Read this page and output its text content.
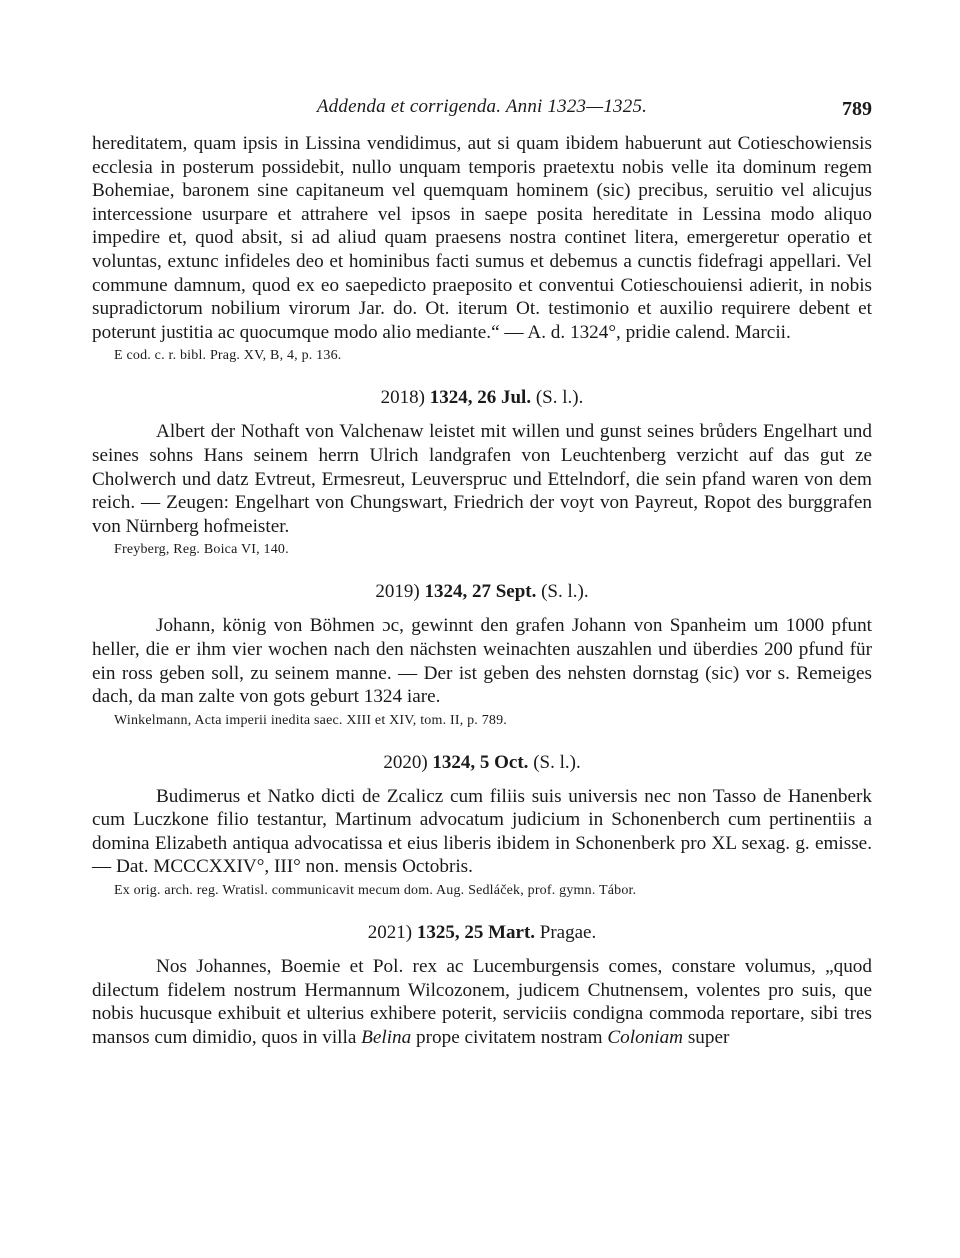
Addenda et corrigenda. Anni 1323—1325.	789

hereditatem, quam ipsis in Lissina vendidimus, aut si quam ibidem habuerunt aut Cotieschowiensis ecclesia in posterum possidebit, nullo unquam temporis praetextu nobis velle ita dominum regem Bohemiae, baronem sine capitaneum vel quemquam hominem (sic) precibus, seruitio vel alicujus intercessione usurpare et attrahere vel ipsos in saepe posita hereditate in Lessina modo aliquo impedire et, quod absit, si ad aliud quam praesens nostra continet litera, emergeretur operatio et voluntas, extunc infideles deo et hominibus facti sumus et debemus a cunctis fidefragi appellari. Vel commune damnum, quod ex eo saepedicto praeposito et conventui Cotieschouiensi adierit, in nobis supradictorum nobilium virorum Jar. do. Ot. iterum Ot. testimonio et auxilio requirere debent et poterunt justitia ac quocumque modo alio mediante.“ — A. d. 1324°, pridie calend. Marcii.

E cod. c. r. bibl. Prag. XV, B, 4, p. 136.

2018) 1324, 26 Jul. (S. l.).

Albert der Nothaft von Valchenaw leistet mit willen und gunst seines brůders Engelhart und seines sohns Hans seinem herrn Ulrich landgrafen von Leuchtenberg verzicht auf das gut ze Cholwerch und datz Evtreut, Ermesreut, Leuverspruc und Ettelndorf, die sein pfand waren von dem reich. — Zeugen: Engelhart von Chungswart, Friedrich der voyt von Payreut, Ropot des burggrafen von Nürnberg hofmeister.

Freyberg, Reg. Boica VI, 140.

2019) 1324, 27 Sept. (S. l.).

Johann, könig von Böhmen ɔc, gewinnt den grafen Johann von Spanheim um 1000 pfunt heller, die er ihm vier wochen nach den nächsten weinachten auszahlen und überdies 200 pfund für ein ross geben soll, zu seinem manne. — Der ist geben des nehsten dornstag (sic) vor s. Remeiges dach, da man zalte von gots geburt 1324 iare.

Winkelmann, Acta imperii inedita saec. XIII et XIV, tom. II, p. 789.

2020) 1324, 5 Oct. (S. l.).

Budimerus et Natko dicti de Zcalicz cum filiis suis universis nec non Tasso de Hanenberk cum Luczkone filio testantur, Martinum advocatum judicium in Schonenberch cum pertinentiis a domina Elizabeth antiqua advocatissa et eius liberis ibidem in Schonenberk pro XL sexag. g. emisse. — Dat. MCCCXXIV°, III° non. mensis Octobris.

Ex orig. arch. reg. Wratisl. communicavit mecum dom. Aug. Sedláček, prof. gymn. Tábor.

2021) 1325, 25 Mart. Pragae.

Nos Johannes, Boemie et Pol. rex ac Lucemburgensis comes, constare volumus, „quod dilectum fidelem nostrum Hermannum Wilcozonem, judicem Chutnensem, volentes pro suis, que nobis hucusque exhibuit et ulterius exhibere poterit, serviciis condigna commoda reportare, sibi tres mansos cum dimidio, quos in villa Belina prope civitatem nostram Coloniam super
